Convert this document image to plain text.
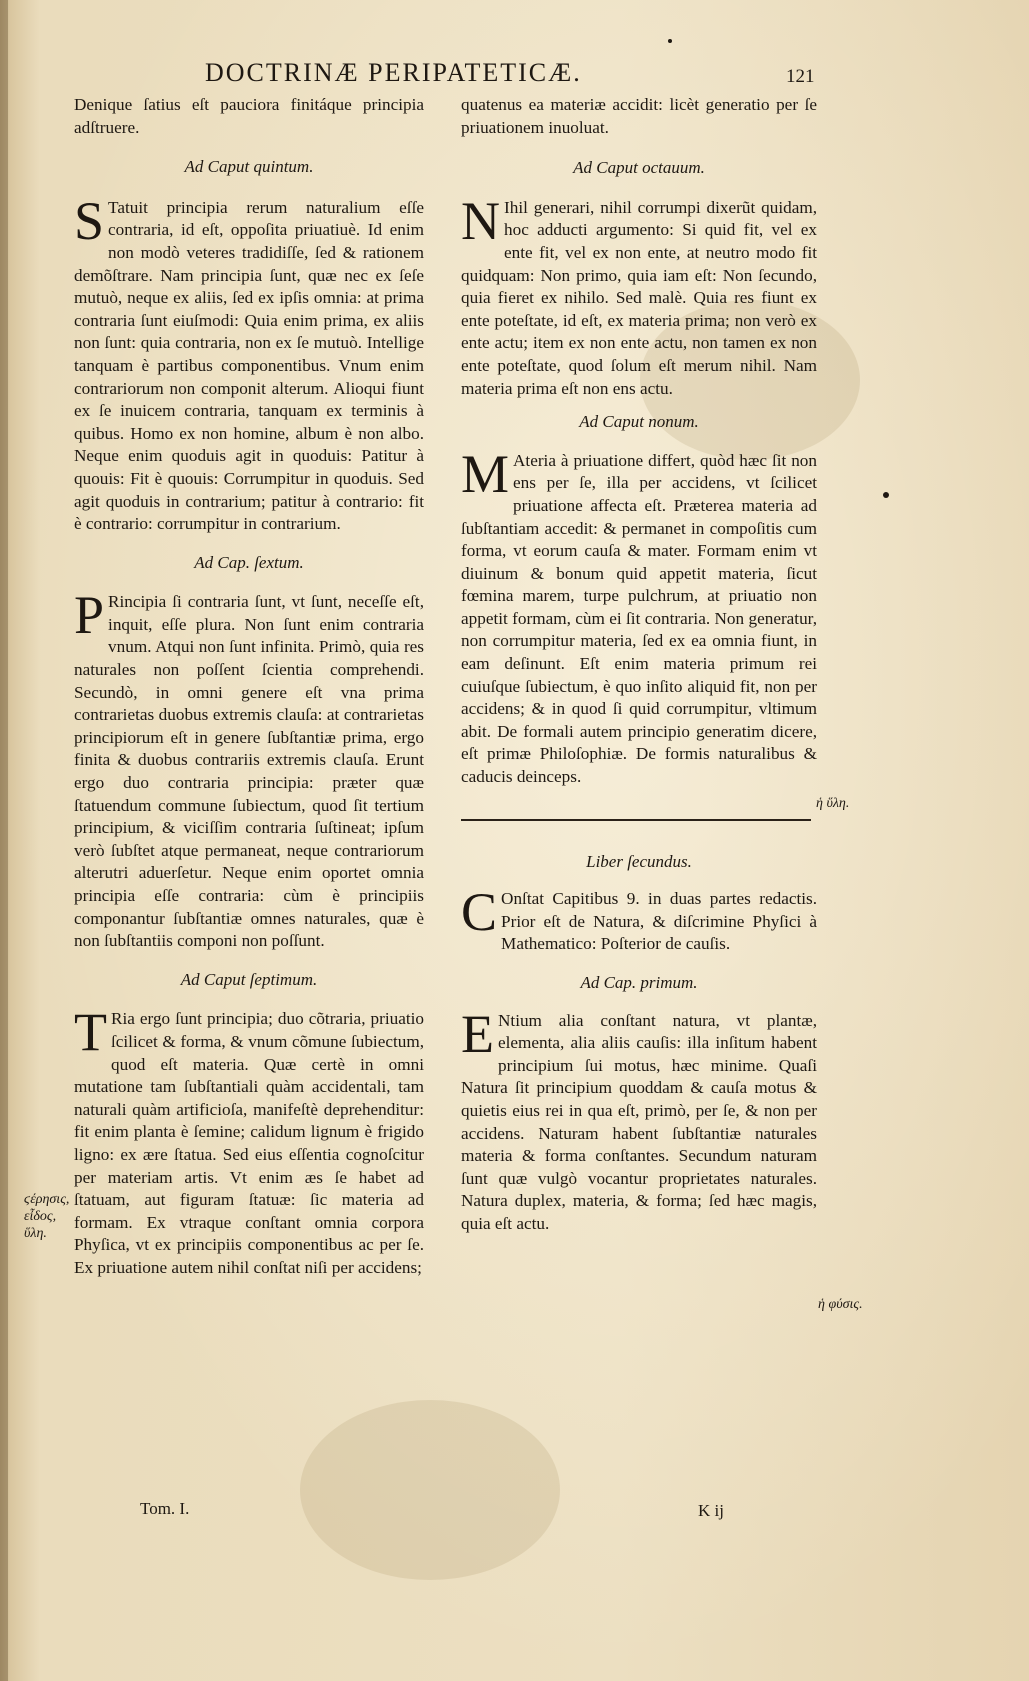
DOCTRINÆ PERIPATETICÆ.	121

Denique ſatius eſt pauciora finitáque principia adſtruere.

Ad Caput quintum.

S Tatuit principia rerum naturalium eſſe contraria, id eſt, oppoſita priuatiuè. Id enim non modò veteres tradidiſſe, ſed & rationem demõſtrare. Nam principia ſunt, quæ nec ex ſeſe mutuò, neque ex aliis, ſed ex ipſis omnia: at prima contraria ſunt eiuſmodi: Quia enim prima, ex aliis non ſunt: quia contraria, non ex ſe mutuò. Intellige tanquam è partibus componentibus. Vnum enim contrariorum non componit alterum. Alioqui fiunt ex ſe inuicem contraria, tanquam ex terminis à quibus. Homo ex non homine, album è non albo. Neque enim quoduis agit in quoduis: Patitur à quouis: Fit è quouis: Corrumpitur in quoduis. Sed agit quoduis in contrarium; patitur à contrario: fit è contrario: corrumpitur in contrarium.

Ad Cap. ſextum.

P Rincipia ſi contraria ſunt, vt ſunt, neceſſe eſt, inquit, eſſe plura. Non ſunt enim contraria vnum. Atqui non ſunt infinita. Primò, quia res naturales non poſſent ſcientia comprehendi. Secundò, in omni genere eſt vna prima contrarietas duobus extremis clauſa: at contrarietas principiorum eſt in genere ſubſtantiæ prima, ergo finita & duobus contrariis extremis clauſa. Erunt ergo duo contraria principia: præter quæ ſtatuendum commune ſubiectum, quod ſit tertium principium, & viciſſim contraria ſuſtineat; ipſum verò ſubſtet atque permaneat, neque contrariorum alterutri aduerſetur. Neque enim oportet omnia principia eſſe contraria: cùm è principiis componantur ſubſtantiæ omnes naturales, quæ è non ſubſtantiis componi non poſſunt.

Ad Caput ſeptimum.

T Ria ergo ſunt principia; duo cõtraria, priuatio ſcilicet & forma, & vnum cõmune ſubiectum, quod eſt materia. Quæ certè in omni mutatione tam ſubſtantiali quàm accidentali, tam naturali quàm artificioſa, manifeſtè deprehenditur: fit enim planta è ſemine; calidum lignum è frigido ligno: ex ære ſtatua. Sed eius eſſentia cognoſcitur per materiam artis. Vt enim æs ſe habet ad ſtatuam, aut figuram ſtatuæ: ſic materia ad formam. Ex vtraque conſtant omnia corpora Phyſica, vt ex principiis componentibus ac per ſe. Ex priuatione autem nihil conſtat niſi per accidens;

quatenus ea materiæ accidit: licèt generatio per ſe priuationem inuoluat.

Ad Caput octauum.

N Ihil generari, nihil corrumpi dixerũt quidam, hoc adducti argumento: Si quid fit, vel ex ente fit, vel ex non ente, at neutro modo fit quidquam: Non primo, quia iam eſt: Non ſecundo, quia fieret ex nihilo. Sed malè. Quia res fiunt ex ente poteſtate, id eſt, ex materia prima; non verò ex ente actu; item ex non ente actu, non tamen ex non ente poteſtate, quod ſolum eſt merum nihil. Nam materia prima eſt non ens actu.

Ad Caput nonum.

M Ateria à priuatione differt, quòd hæc ſit non ens per ſe, illa per accidens, vt ſcilicet priuatione affecta eſt. Præterea materia ad ſubſtantiam accedit: & permanet in compoſitis cum forma, vt eorum cauſa & mater. Formam enim vt diuinum & bonum quid appetit materia, ſicut fœmina marem, turpe pulchrum, at priuatio non appetit formam, cùm ei ſit contraria. Non generatur, non corrumpitur materia, ſed ex ea omnia fiunt, in eam deſinunt. Eſt enim materia primum rei cuiuſque ſubiectum, è quo inſito aliquid fit, non per accidens; & in quod ſi quid corrumpitur, vltimum abit. De formali autem principio generatim dicere, eſt primæ Philoſophiæ. De formis naturalibus & caducis deinceps.

Liber ſecundus.

C Onſtat Capitibus 9. in duas partes redactis. Prior eſt de Natura, & diſcrimine Phyſici à Mathematico: Poſterior de cauſis.

Ad Cap. primum.

E Ntium alia conſtant natura, vt plantæ, elementa, alia aliis cauſis: illa inſitum habent principium ſui motus, hæc minime. Quaſi Natura ſit principium quoddam & cauſa motus & quietis eius rei in qua eſt, primò, per ſe, & non per accidens. Naturam habent ſubſtantiæ naturales materia & forma conſtantes. Secundum naturam ſunt quæ vulgò vocantur proprietates naturales. Natura duplex, materia, & forma; ſed hæc magis, quia eſt actu.

ϛέρησις, εἶδος, ὕλη.
ἡ ὕλη.
ἡ φύσις.
Tom. I.	K ij
